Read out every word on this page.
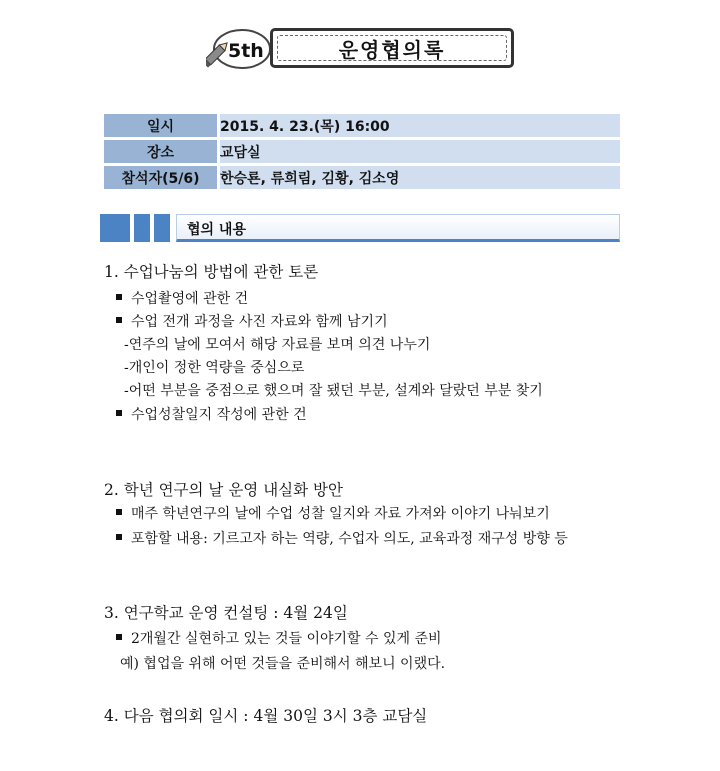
5th	운영협의록
일시	2015. 4. 23.(목) 16:00
장소	교담실
참석자(5/6)	한승룐, 류희림, 김황, 김소영
협의 내용
1. 수업나눔의 방법에 관한 토론
수업촬영에 관한 건
수업 전개 과정을 사진 자료와 함께 남기기
-연주의 날에 모여서 해당 자료를 보며 의견 나누기
-개인이 정한 역량을 중심으로
-어떤 부분을 중점으로 했으며 잘 됐던 부분, 설계와 달랐던 부분 찾기
수업성찰일지 작성에 관한 건
2. 학년 연구의 날 운영 내실화 방안
매주 학년연구의 날에 수업 성찰 일지와 자료 가져와 이야기 나눠보기
포함할 내용: 기르고자 하는 역량, 수업자 의도, 교육과정 재구성 방향 등
3. 연구학교 운영 컨설팅 : 4월 24일
2개월간 실현하고 있는 것들 이야기할 수 있게 준비
예) 협업을 위해 어떤 것들을 준비해서 해보니 이랬다.
4. 다음 협의회 일시 : 4월 30일 3시 3층 교담실
